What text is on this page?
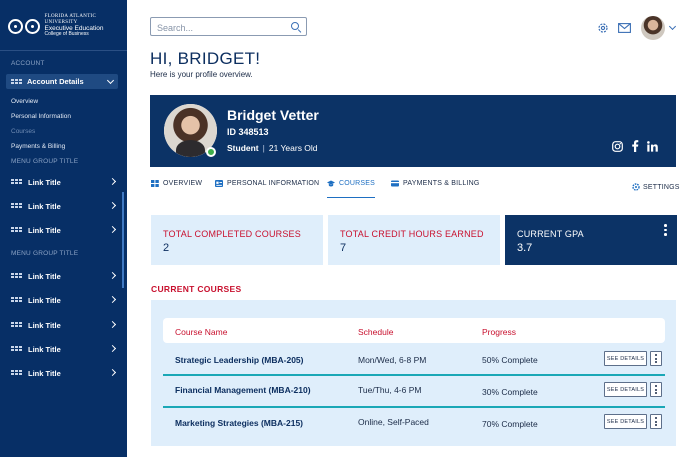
FLORIDA ATLANTIC UNIVERSITY
Executive Education
College of Business
ACCOUNT
Account Details
Overview
Personal Information
Courses
Payments & Billing
MENU GROUP TITLE
Link Title
Link Title
Link Title
MENU GROUP TITLE
Link Title
Link Title
Link Title
Link Title
Link Title
Search...
HI, BRIDGET!
Here is your profile overview.
Bridget Vetter
ID 348513
Student | 21 Years Old
OVERVIEW	PERSONAL INFORMATION	COURSES	PAYMENTS & BILLING	SETTINGS
TOTAL COMPLETED COURSES
2
TOTAL CREDIT HOURS EARNED
7
CURRENT GPA
3.7
CURRENT COURSES
Course Name	Schedule	Progress
Strategic Leadership (MBA-205)	Mon/Wed, 6-8 PM	50% Complete	SEE DETAILS
Financial Management (MBA-210)	Tue/Thu, 4-6 PM	30% Complete	SEE DETAILS
Marketing Strategies (MBA-215)	Online, Self-Paced	70% Complete	SEE DETAILS
